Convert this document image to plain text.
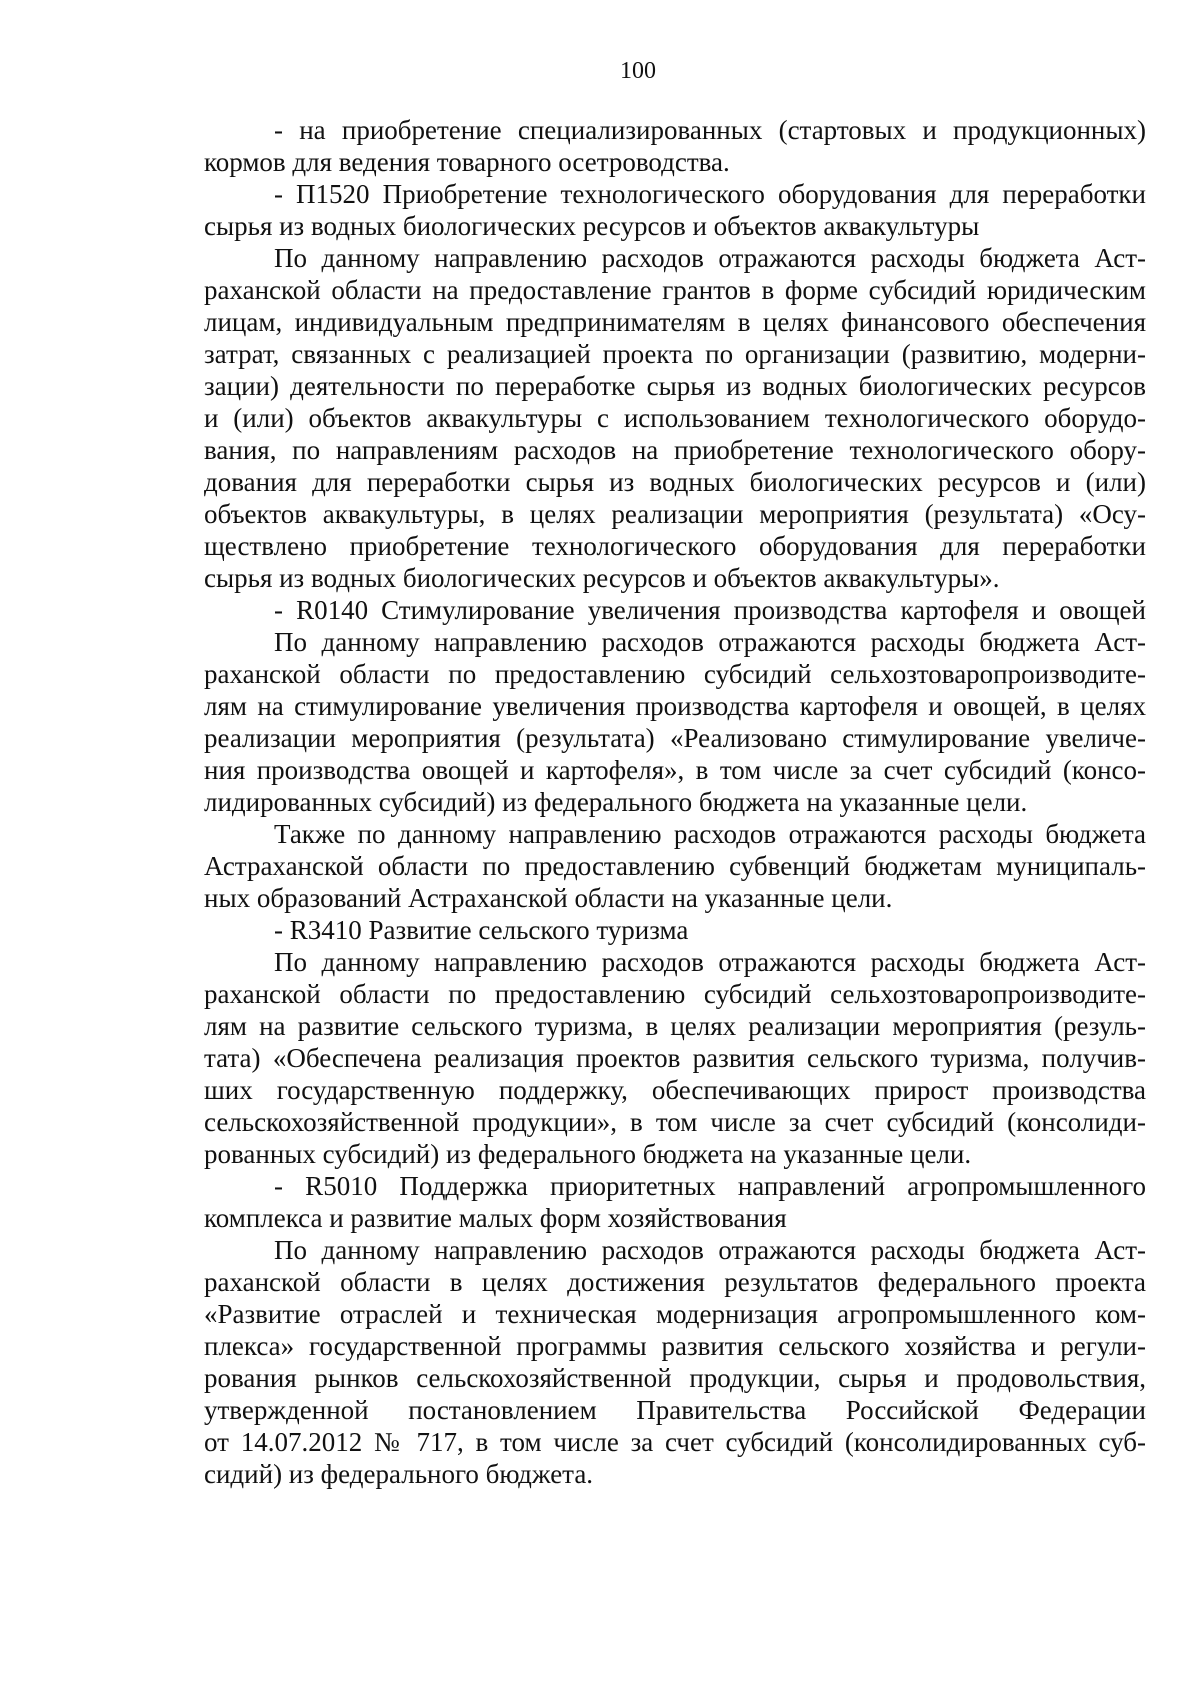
100
- на приобретение специализированных (стартовых и продукционных)
кормов для ведения товарного осетроводства.
- П1520 Приобретение технологического оборудования для переработки
сырья из водных биологических ресурсов и объектов аквакультуры
По данному направлению расходов отражаются расходы бюджета Аст-
раханской области на предоставление грантов в форме субсидий юридическим
лицам, индивидуальным предпринимателям в целях финансового обеспечения
затрат, связанных с реализацией проекта по организации (развитию, модерни-
зации) деятельности по переработке сырья из водных биологических ресурсов
и (или) объектов аквакультуры с использованием технологического оборудо-
вания, по направлениям расходов на приобретение технологического обору-
дования для переработки сырья из водных биологических ресурсов и (или)
объектов аквакультуры, в целях реализации мероприятия (результата) «Осу-
ществлено приобретение технологического оборудования для переработки
сырья из водных биологических ресурсов и объектов аквакультуры».
- R0140 Стимулирование увеличения производства картофеля и овощей
По данному направлению расходов отражаются расходы бюджета Аст-
раханской области по предоставлению субсидий сельхозтоваропроизводите-
лям на стимулирование увеличения производства картофеля и овощей, в целях
реализации мероприятия (результата) «Реализовано стимулирование увеличе-
ния производства овощей и картофеля», в том числе за счет субсидий (консо-
лидированных субсидий) из федерального бюджета на указанные цели.
Также по данному направлению расходов отражаются расходы бюджета
Астраханской области по предоставлению субвенций бюджетам муниципаль-
ных образований Астраханской области на указанные цели.
- R3410 Развитие сельского туризма
По данному направлению расходов отражаются расходы бюджета Аст-
раханской области по предоставлению субсидий сельхозтоваропроизводите-
лям на развитие сельского туризма, в целях реализации мероприятия (резуль-
тата) «Обеспечена реализация проектов развития сельского туризма, получив-
ших государственную поддержку, обеспечивающих прирост производства
сельскохозяйственной продукции», в том числе за счет субсидий (консолиди-
рованных субсидий) из федерального бюджета на указанные цели.
- R5010 Поддержка приоритетных направлений агропромышленного
комплекса и развитие малых форм хозяйствования
По данному направлению расходов отражаются расходы бюджета Аст-
раханской области в целях достижения результатов федерального проекта
«Развитие отраслей и техническая модернизация агропромышленного ком-
плекса» государственной программы развития сельского хозяйства и регули-
рования рынков сельскохозяйственной продукции, сырья и продовольствия,
утвержденной постановлением Правительства Российской Федерации
от 14.07.2012 № 717, в том числе за счет субсидий (консолидированных суб-
сидий) из федерального бюджета.
